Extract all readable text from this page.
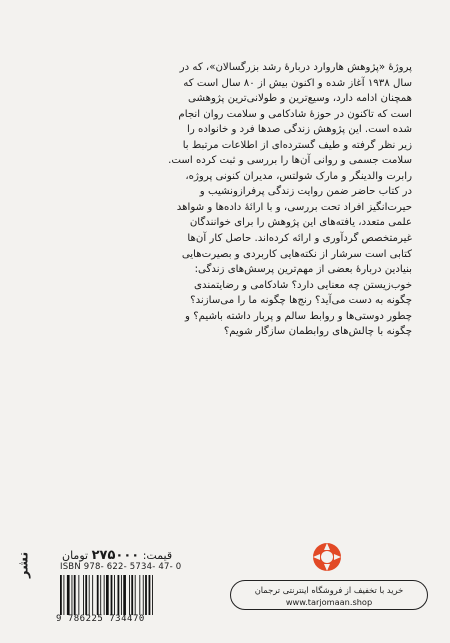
پروژهٔ «پژوهش هاروارد دربارهٔ رشد بزرگسالان»، که در
سال ۱۹۳۸ آغاز شده و اکنون بیش از ۸۰ سال است که
همچنان ادامه دارد، وسیع‌ترین و طولانی‌ترین پژوهشی
است که تاکنون در حوزهٔ شادکامی و سلامت روان انجام
شده است. این پژوهش زندگی صدها فرد و خانواده را
زیر نظر گرفته و طیف گسترده‌ای از اطلاعات مرتبط با
سلامت جسمی و روانی آن‌ها را بررسی و ثبت کرده است.
رابرت والدینگر و مارک شولتس، مدیران کنونی پروژه،
در کتاب حاضر ضمن روایت زندگی پرفرازونشیب و
حیرت‌انگیز افراد تحت بررسی، و با ارائهٔ داده‌ها و شواهد
علمی متعدد، یافته‌های این پژوهش را برای خوانندگان
غیرمتخصص گردآوری و ارائه کرده‌اند. حاصل کار آن‌ها
کتابی است سرشار از نکته‌هایی کاربردی و بصیرت‌هایی
بنیادین دربارهٔ بعضی از مهم‌ترین پرسش‌های زندگی:
خوب‌زیستن چه معنایی دارد؟ شادکامی و رضایتمندی
چگونه به دست می‌آید؟ رنج‌ها چگونه ما را می‌سازند؟
چطور دوستی‌ها و روابط سالم و پربار داشته باشیم؟ و
چگونه با چالش‌های روابطمان سازگار شویم؟
قیمت: ۲۷۵۰۰۰ تومان
ISBN 978- 622- 5734- 47- 0
9 786225 734470
نشر
خرید با تخفیف از فروشگاه اینترنتی ترجمان
www.tarjomaan.shop
